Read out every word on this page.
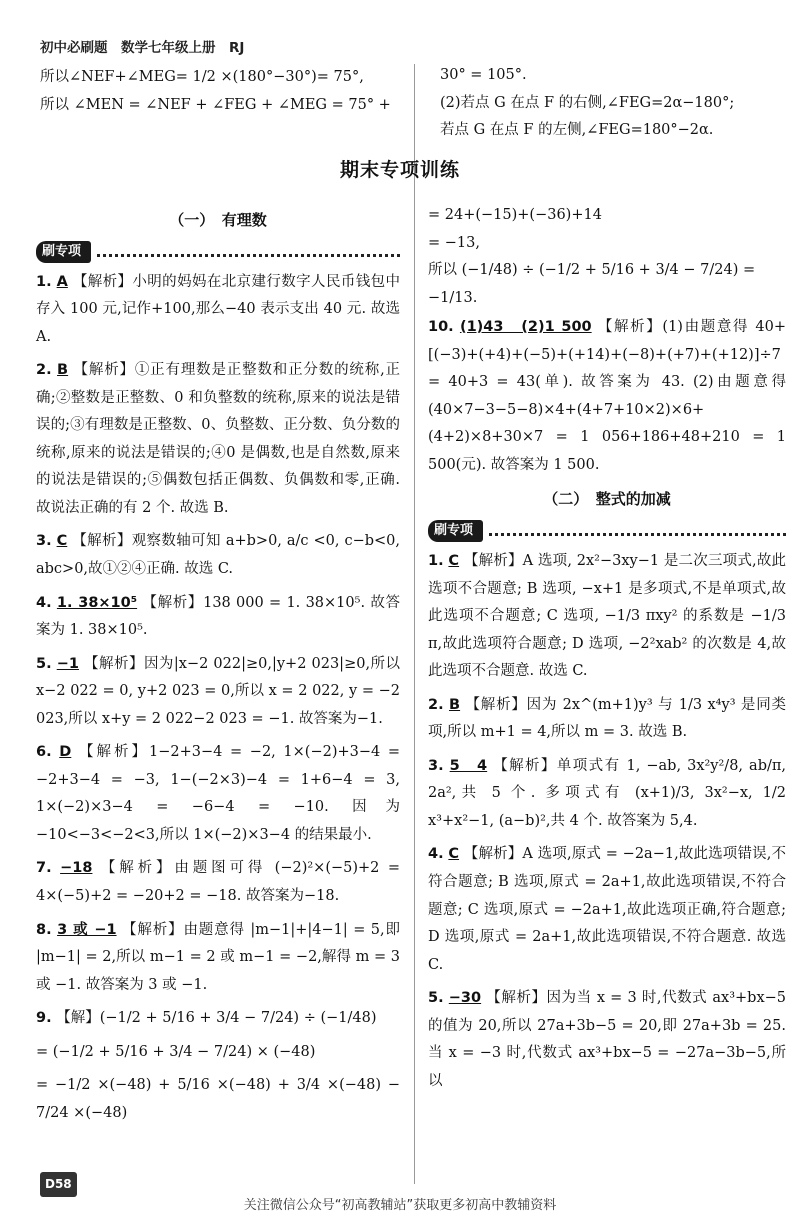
初中必刷题　数学七年级上册　RJ
所以∠NEF+∠MEG= 1/2 ×(180°−30°)= 75°,
所以 ∠MEN = ∠NEF + ∠FEG + ∠MEG = 75° +
30° = 105°.
(2)若点 G 在点 F 的右侧,∠FEG=2α−180°;
若点 G 在点 F 的左侧,∠FEG=180°−2α.
期末专项训练
（一）　有理数
刷专项
1. A 【解析】小明的妈妈在北京建行数字人民币钱包中存入 100 元,记作+100,那么−40 表示支出 40 元. 故选 A.
2. B 【解析】①正有理数是正整数和正分数的统称,正确;②整数是正整数、0 和负整数的统称,原来的说法是错误的;③有理数是正整数、0、负整数、正分数、负分数的统称,原来的说法是错误的;④0 是偶数,也是自然数,原来的说法是错误的;⑤偶数包括正偶数、负偶数和零,正确. 故说法正确的有 2 个. 故选 B.
3. C 【解析】观察数轴可知 a+b>0, a/c <0, c−b<0, abc>0,故①②④正确. 故选 C.
4. 1. 38×10⁵ 【解析】138 000 = 1. 38×10⁵. 故答案为 1. 38×10⁵.
5. −1 【解析】因为|x−2 022|≥0,|y+2 023|≥0,所以 x−2 022 = 0, y+2 023 = 0,所以 x = 2 022, y = −2 023,所以 x+y = 2 022−2 023 = −1. 故答案为−1.
6. D 【解析】1−2+3−4 = −2, 1×(−2)+3−4 = −2+3−4 = −3, 1−(−2×3)−4 = 1+6−4 = 3, 1×(−2)×3−4 = −6−4 = −10. 因为−10<−3<−2<3,所以 1×(−2)×3−4 的结果最小.
7. −18 【解析】由题图可得 (−2)²×(−5)+2 = 4×(−5)+2 = −20+2 = −18. 故答案为−18.
8. 3 或 −1 【解析】由题意得 |m−1|+|4−1| = 5,即 |m−1| = 2,所以 m−1 = 2 或 m−1 = −2,解得 m = 3 或 −1. 故答案为 3 或 −1.
9. 【解】(−1/2 + 5/16 + 3/4 − 7/24) ÷ (−1/48)
= (−1/2 + 5/16 + 3/4 − 7/24) × (−48)
= −1/2 ×(−48) + 5/16 ×(−48) + 3/4 ×(−48) − 7/24 ×(−48)
= 24+(−15)+(−36)+14
= −13,
所以 (−1/48) ÷ (−1/2 + 5/16 + 3/4 − 7/24) = −1/13.
10. (1)43　(2)1 500 【解析】(1)由题意得 40+[(−3)+(+4)+(−5)+(+14)+(−8)+(+7)+(+12)]÷7 = 40+3 = 43(单). 故答案为 43. (2)由题意得 (40×7−3−5−8)×4+(4+7+10×2)×6+(4+2)×8+30×7 = 1 056+186+48+210 = 1 500(元). 故答案为 1 500.
（二）　整式的加减
刷专项
1. C 【解析】A 选项, 2x²−3xy−1 是二次三项式,故此选项不合题意; B 选项, −x+1 是多项式,不是单项式,故此选项不合题意; C 选项, −1/3 πxy² 的系数是 −1/3 π,故此选项符合题意; D 选项, −2²xab² 的次数是 4,故此选项不合题意. 故选 C.
2. B 【解析】因为 2x^(m+1)y³ 与 1/3 x⁴y³ 是同类项,所以 m+1 = 4,所以 m = 3. 故选 B.
3. 5　4 【解析】单项式有 1, −ab, 3x²y²/8, ab/π, 2a²,共 5 个. 多项式有 (x+1)/3, 3x²−x, 1/2 x³+x²−1, (a−b)²,共 4 个. 故答案为 5,4.
4. C 【解析】A 选项,原式 = −2a−1,故此选项错误,不符合题意; B 选项,原式 = 2a+1,故此选项错误,不符合题意; C 选项,原式 = −2a+1,故此选项正确,符合题意; D 选项,原式 = 2a+1,故此选项错误,不符合题意. 故选 C.
5. −30 【解析】因为当 x = 3 时,代数式 ax³+bx−5 的值为 20,所以 27a+3b−5 = 20,即 27a+3b = 25. 当 x = −3 时,代数式 ax³+bx−5 = −27a−3b−5,所以
D58
关注微信公众号“初高教辅站”获取更多初高中教辅资料
